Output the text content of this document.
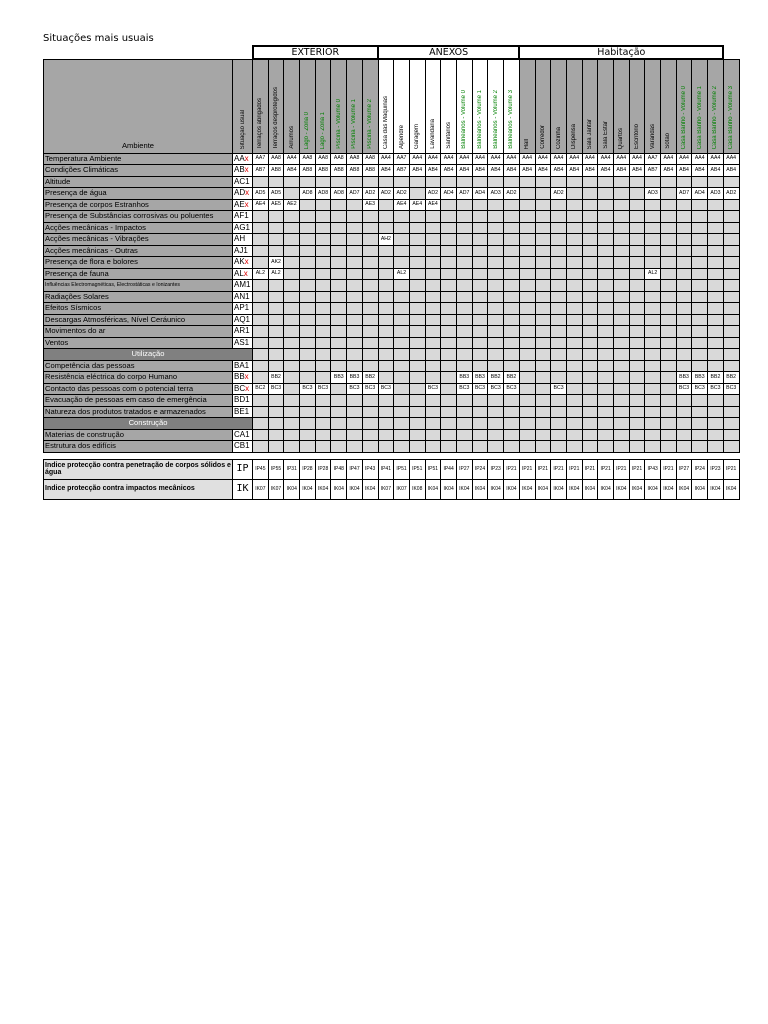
Situações mais usuais
		EXTERIOR								ANEXOS									Habitação													
Ambiente	Situação usual	Terraços abrigados	Terraços desprotegidos	Arrumos	Lago - Zona 0	Lago - Zona 1	Piscina - Volume 0	Piscina - Volume 1	Piscina - Volume 2	Casa das Máquinas	Alpendre	Garagem	Lavandaria	Sanitários	Balneários - Volume 0	Balneários - Volume 1	Balneários - Volume 2	Balneários - Volume 3	Hall	Corredor	Cozinha	Dispensa	Sala Jantar	Sala Estar	Quartos	Escritório	Varandas	Sótão	Casa Banho - Volume 0	Casa Banho - Volume 1	Casa Banho - Volume 2	Casa Banho - Volume 3
Temperatura Ambiente	AAx	AA7	AA8	AA4	AA8	AA8	AA8	AA8	AA8	AA4	AA7	AA4	AA4	AA4	AA4	AA4	AA4	AA4	AA4	AA4	AA4	AA4	AA4	AA4	AA4	AA4	AA7	AA4	AA4	AA4	AA4	AA4
Condições Climáticas	ABx	AB7	AB8	AB4	AB8	AB8	AB8	AB8	AB8	AB4	AB7	AB4	AB4	AB4	AB4	AB4	AB4	AB4	AB4	AB4	AB4	AB4	AB4	AB4	AB4	AB4	AB7	AB4	AB4	AB4	AB4	AB4
Altitude	AC1																															
Presença de água	ADx	AD5	AD5		AD8	AD8	AD8	AD7	AD2	AD2	AD2		AD2	AD4	AD7	AD4	AD3	AD2			AD2						AD3		AD7	AD4	AD3	AD2
Presença de corpos Estranhos	AEx	AE4	AE5	AE2					AE3		AE4	AE4	AE4																			
Presença de Substâncias corrosivas ou poluentes	AF1																															
Acções mecânicas - Impactos	AG1																															
Acções mecânicas - Vibrações	AH									AH2																						
Acções mecânicas - Outras	AJ1																															
Presença de flora e bolores	AKx		AK2																													
Presença de fauna	ALx	AL2	AL2								AL2																AL2					
Influências Electromagnéticas, Electrostáticas e Ionizantes	AM1																															
Radiações Solares	AN1																															
Efeitos Sísmicos	AP1																															
Descargas Atmosféricas, Nível Ceráunico	AQ1																															
Movimentos do ar	AR1																															
Ventos	AS1																															
Utilização																																
Competência das pessoas	BA1																															
Resistência eléctrica do corpo Humano	BBx		BB2				BB3	BB3	BB2						BB3	BB3	BB2	BB2											BB3	BB3	BB2	BB2
Contacto das pessoas com o potencial terra	BCx	BC2	BC3		BC3	BC3		BC3	BC3	BC3			BC3		BC3	BC3	BC3	BC3			BC3								BC3	BC3	BC3	BC3
Evacuação de pessoas em caso de emergência	BD1																															
Natureza dos produtos tratados e armazenados	BE1																															
Construção																																
Materias de construção	CA1																															
Estrutura dos edifícis	CB1																															

Indice protecção contra penetração de corpos sólidos e água	IP	IP45	IP55	IP31	IP28	IP28	IP48	IP47	IP43	IP41	IP51	IP51	IP51	IP44	IP27	IP24	IP23	IP21	IP21	IP21	IP21	IP21	IP21	IP21	IP21	IP21	IP43	IP21	IP27	IP24	IP23	IP21
Indice protecção contra impactos mecânicos	IK	IK07	IK07	IK04	IK04	IK04	IK04	IK04	IK04	IK07	IK07	IK08	IK04	IK04	IK04	IK04	IK04	IK04	IK04	IK04	IK04	IK04	IK04	IK04	IK04	IK04	IK04	IK04	IK04	IK04	IK04	IK04
